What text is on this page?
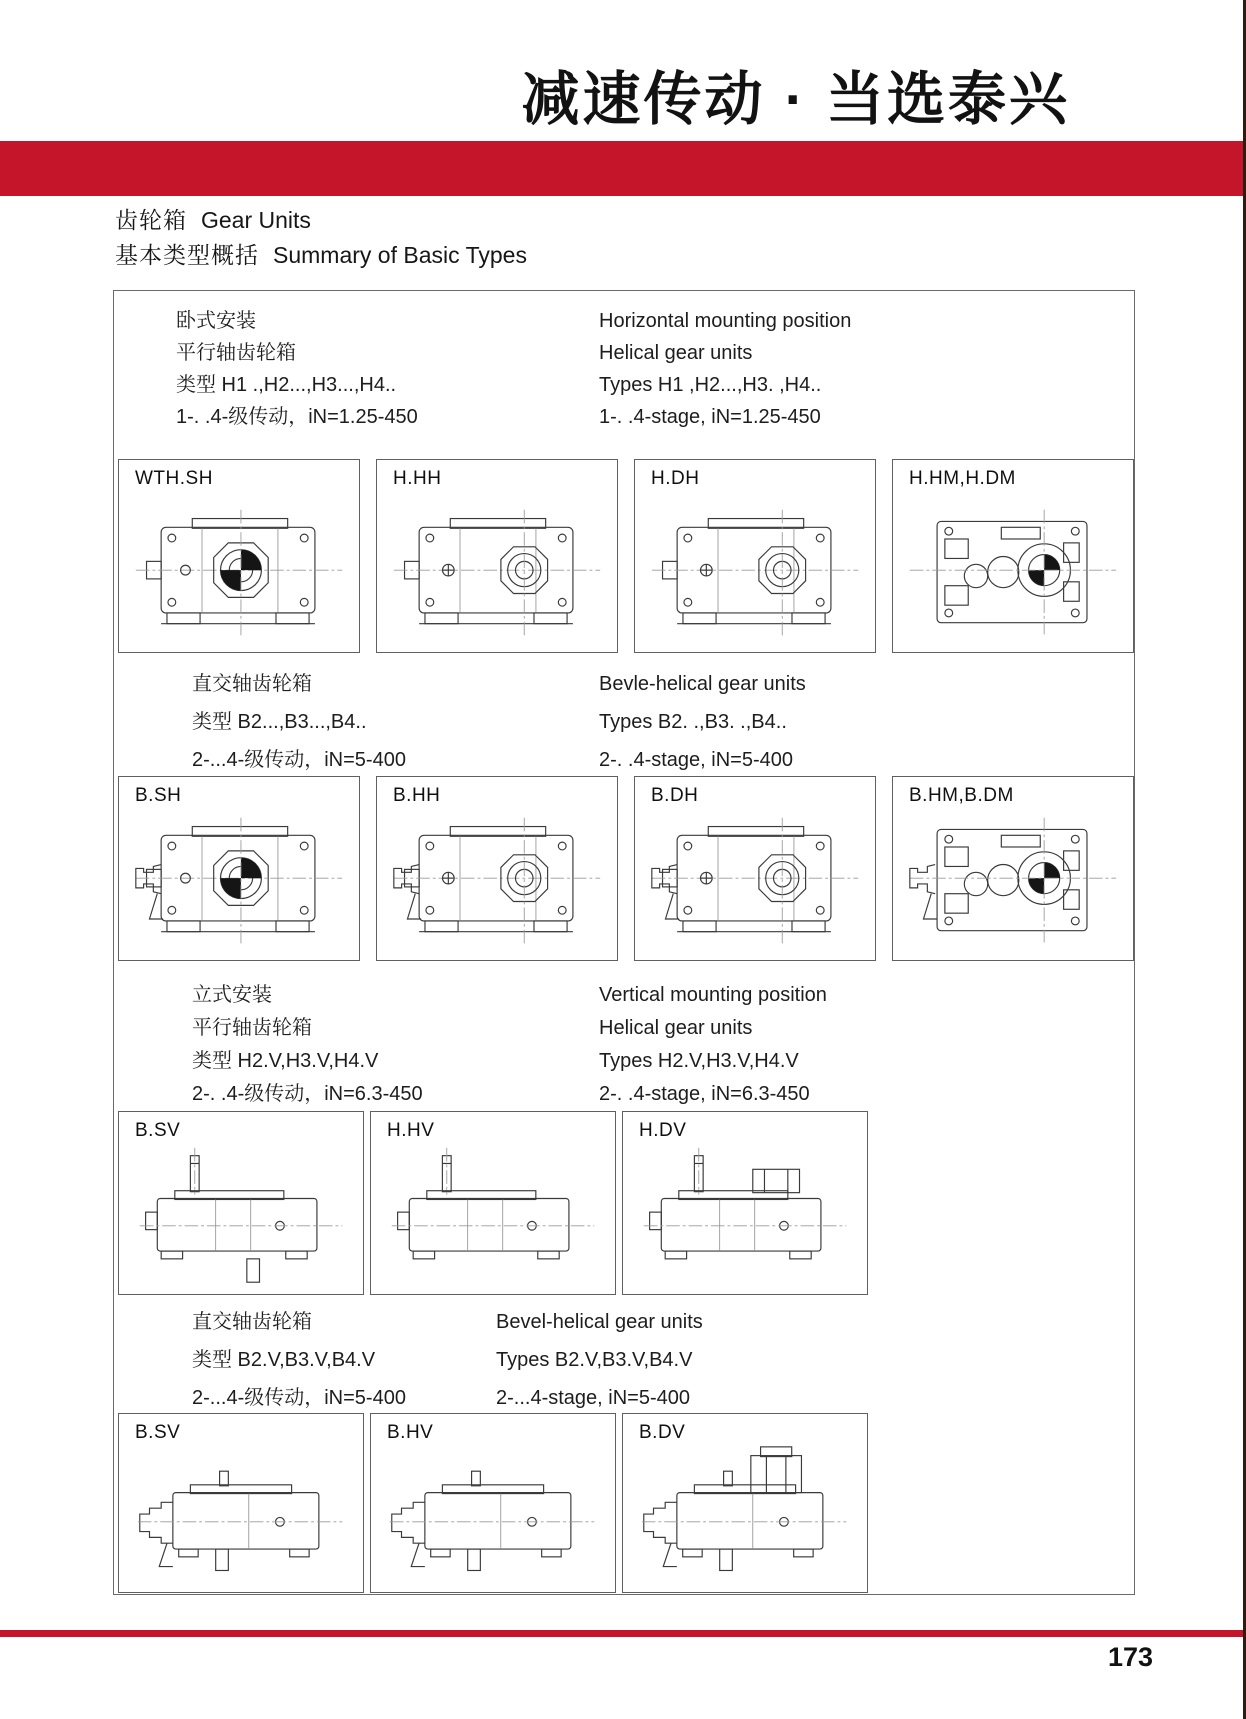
减速传动 · 当选泰兴
齿轮箱 Gear Units
基本类型概括 Summary of Basic Types
卧式安装
平行轴齿轮箱
类型 H1 .,H2...,H3...,H4..
1-. .4-级传动，iN=1.25-450
Horizontal mounting position
Helical gear units
Types H1 ,H2...,H3. ,H4..
1-. .4-stage, iN=1.25-450
WTH.SH	H.HH	H.DH	H.HM,H.DM
直交轴齿轮箱
类型 B2...,B3...,B4..
2-...4-级传动，iN=5-400
Bevle-helical gear units
Types B2. .,B3. .,B4..
2-. .4-stage, iN=5-400
B.SH	B.HH	B.DH	B.HM,B.DM
立式安装
平行轴齿轮箱
类型 H2.V,H3.V,H4.V
2-. .4-级传动，iN=6.3-450
Vertical mounting position
Helical gear units
Types H2.V,H3.V,H4.V
2-. .4-stage, iN=6.3-450
B.SV	H.HV	H.DV
直交轴齿轮箱
类型 B2.V,B3.V,B4.V
2-...4-级传动，iN=5-400
Bevel-helical gear units
Types B2.V,B3.V,B4.V
2-...4-stage, iN=5-400
B.SV	B.HV	B.DV
173
